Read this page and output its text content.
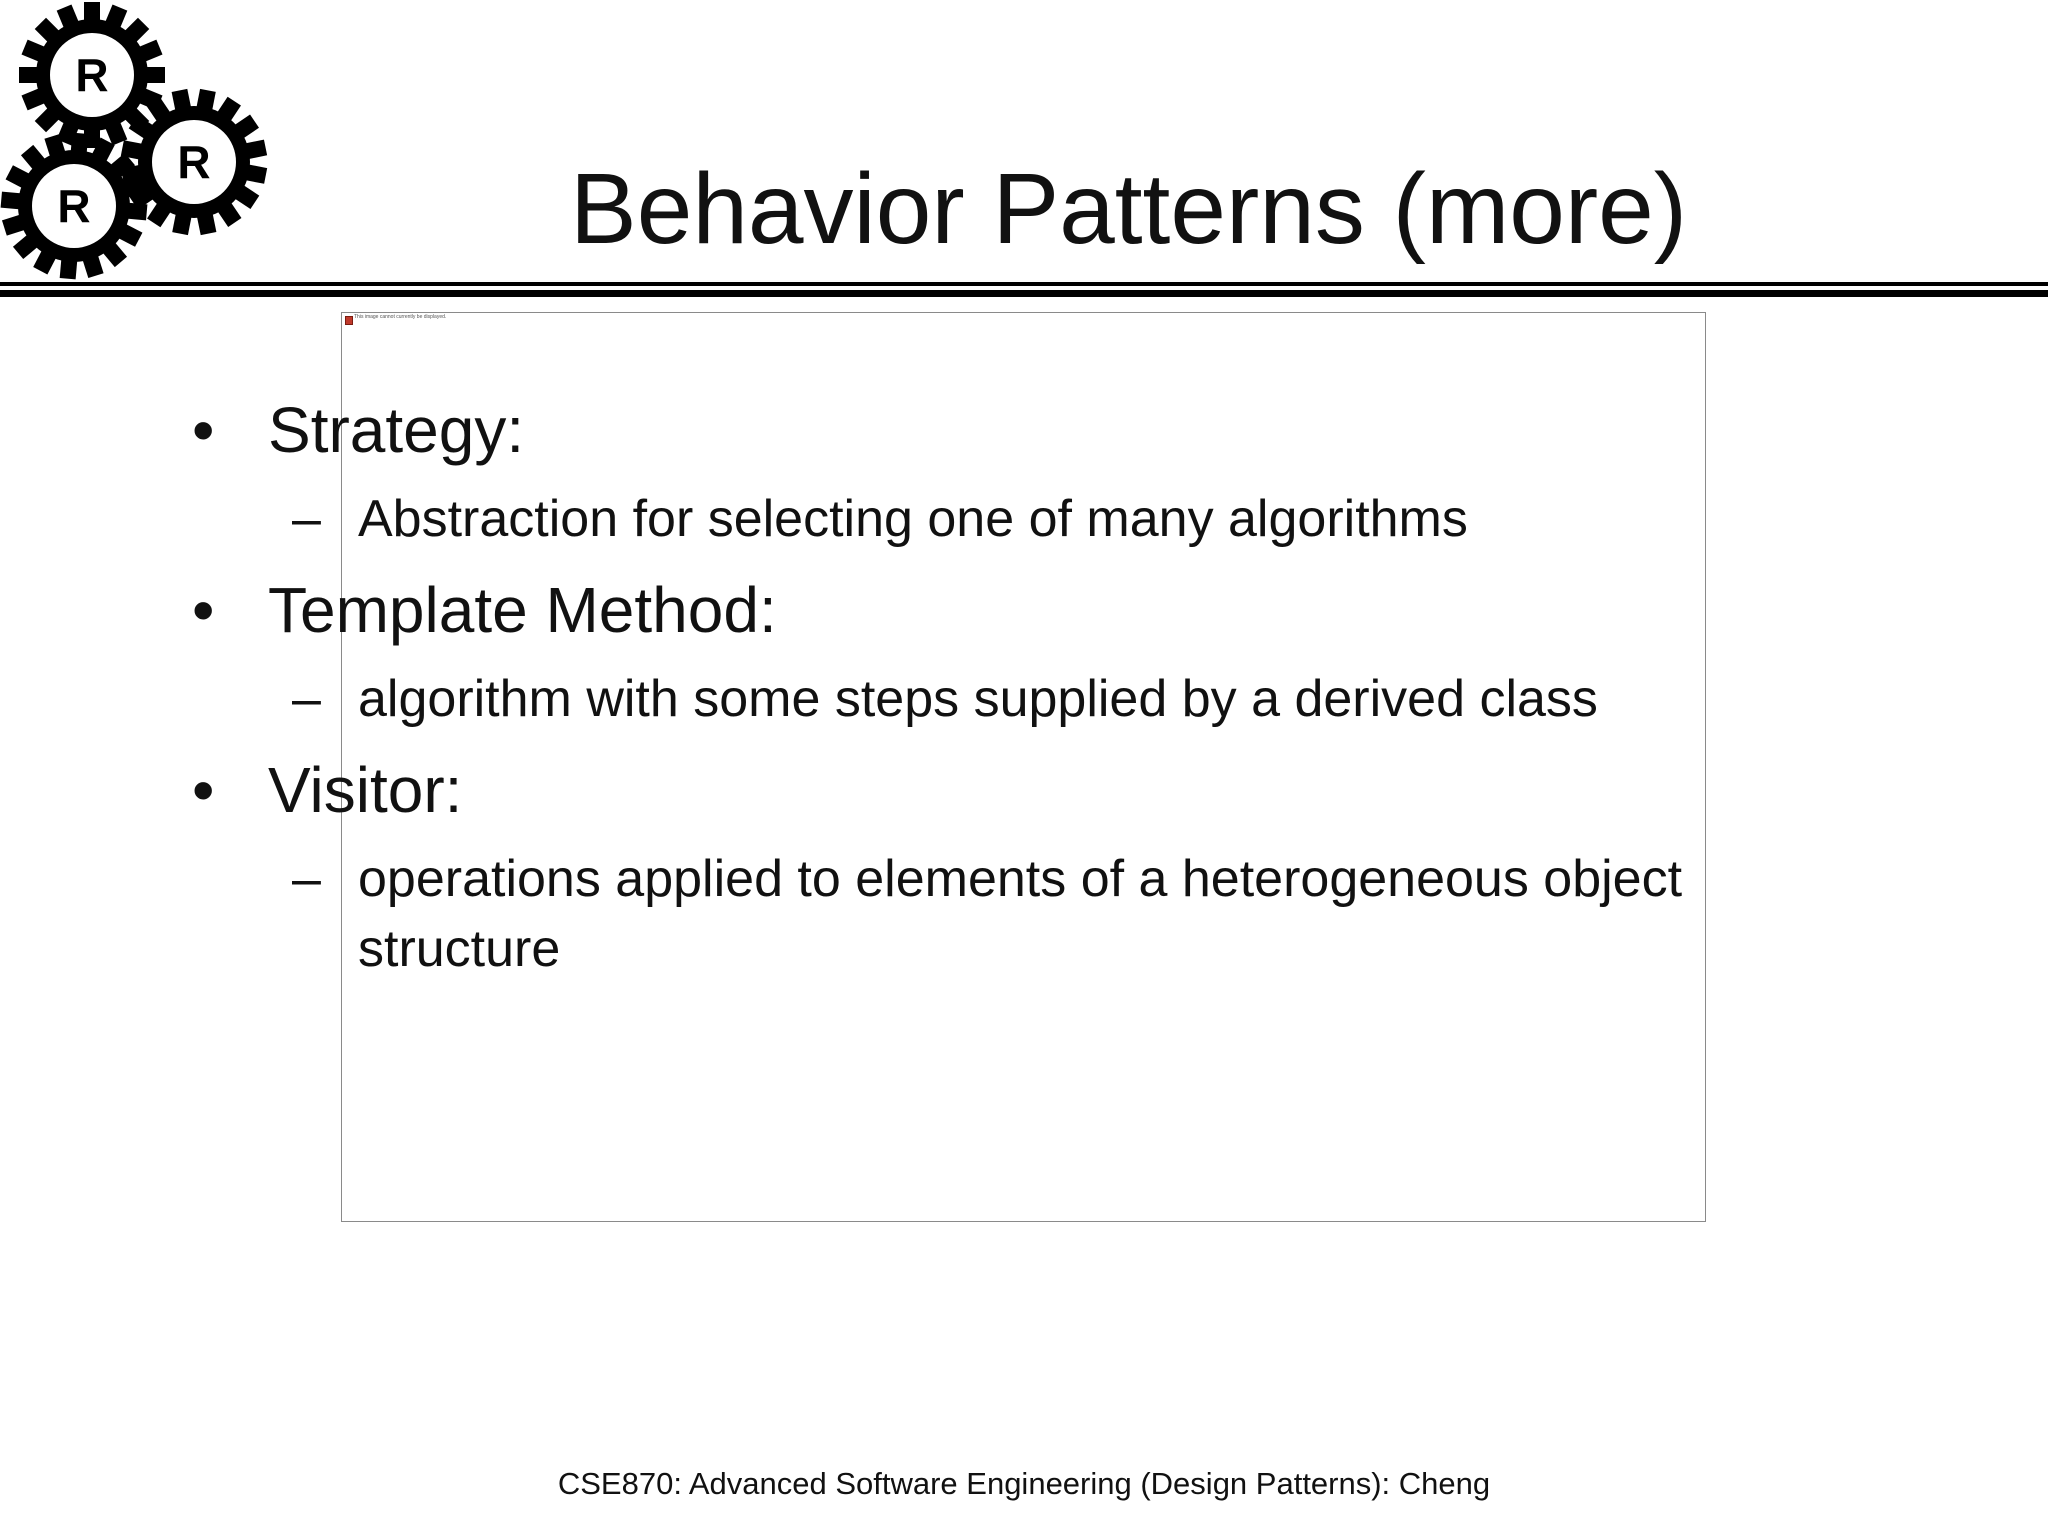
R
R
R	Behavior Patterns (more)
This image cannot currently be displayed.
• Strategy:
– Abstraction for selecting one of many algorithms
• Template Method:
– algorithm with some steps supplied by a derived class
• Visitor:
– operations applied to elements of a heterogeneous object structure
CSE870: Advanced Software Engineering (Design Patterns): Cheng
